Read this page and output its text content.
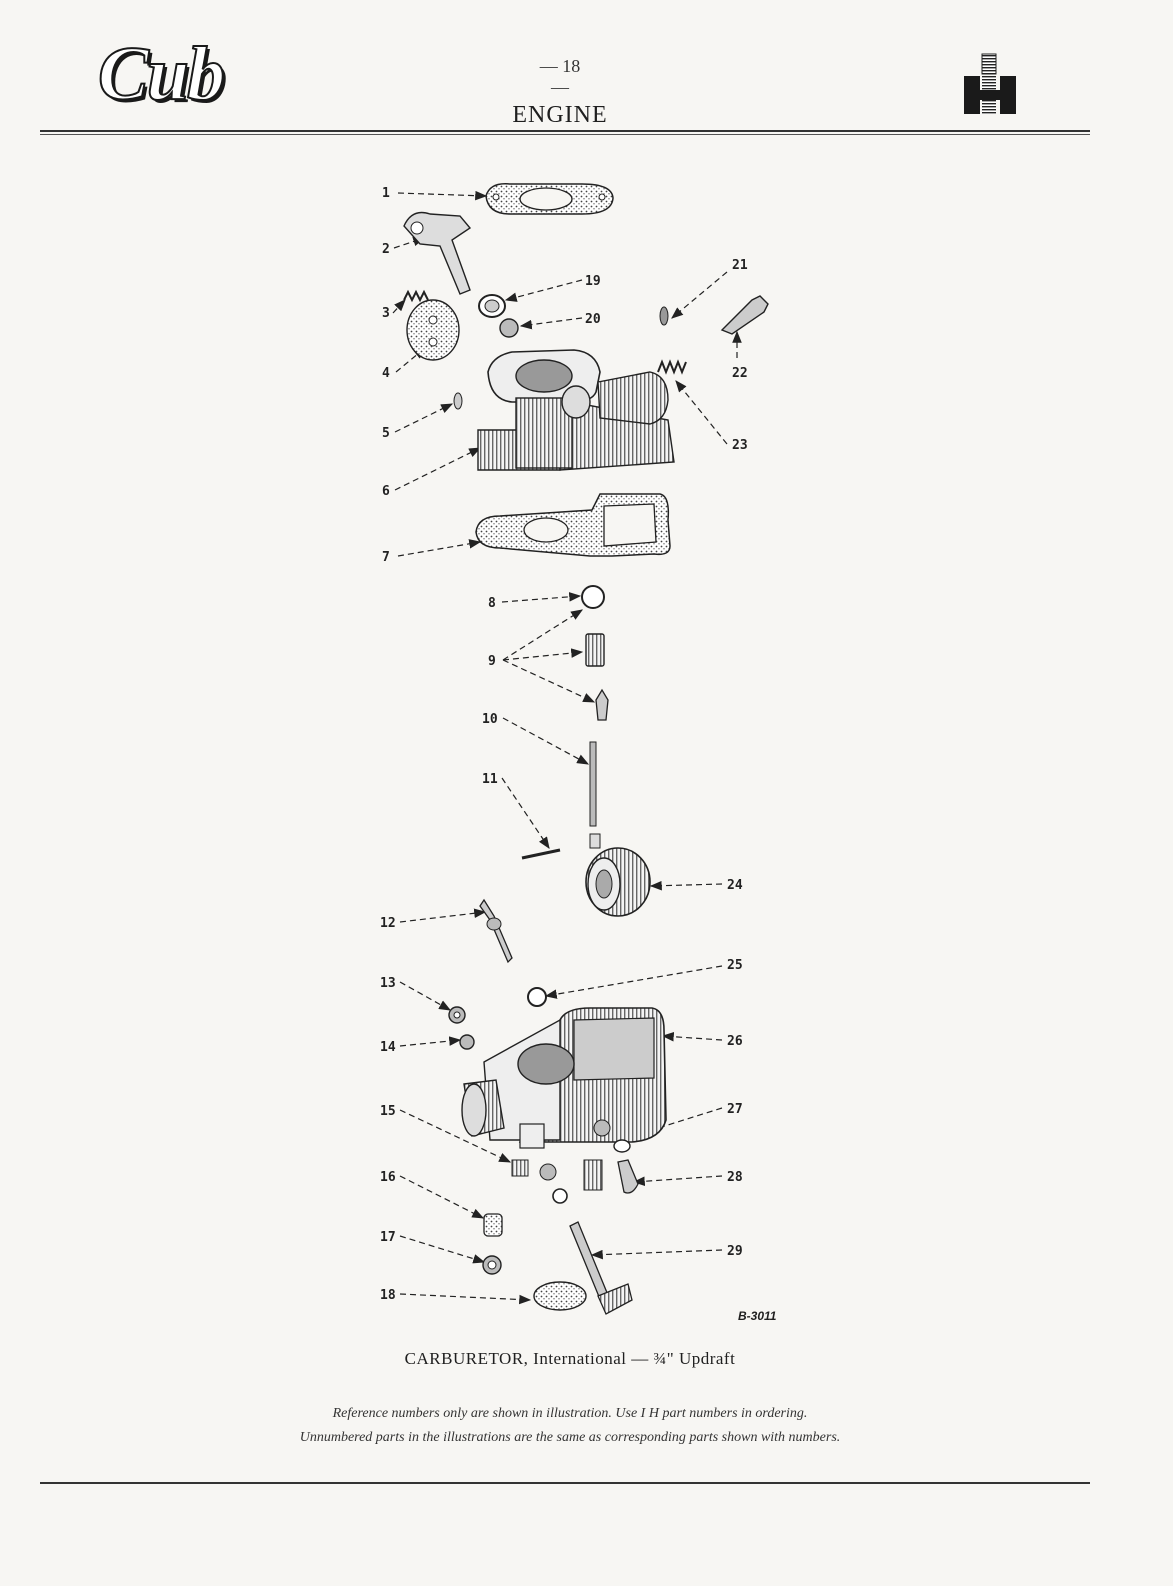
Cub	— 18 —
ENGINE
1
2
3
4
5
6
7
8
9
10
11
12
13
14
15
16
17
18
19
20
21
22
23
24
25
26
27
28
29
B-3011
CARBURETOR, International — ¾" Updraft
Reference numbers only are shown in illustration. Use I H part numbers in ordering.
Unnumbered parts in the illustrations are the same as corresponding parts shown with numbers.
